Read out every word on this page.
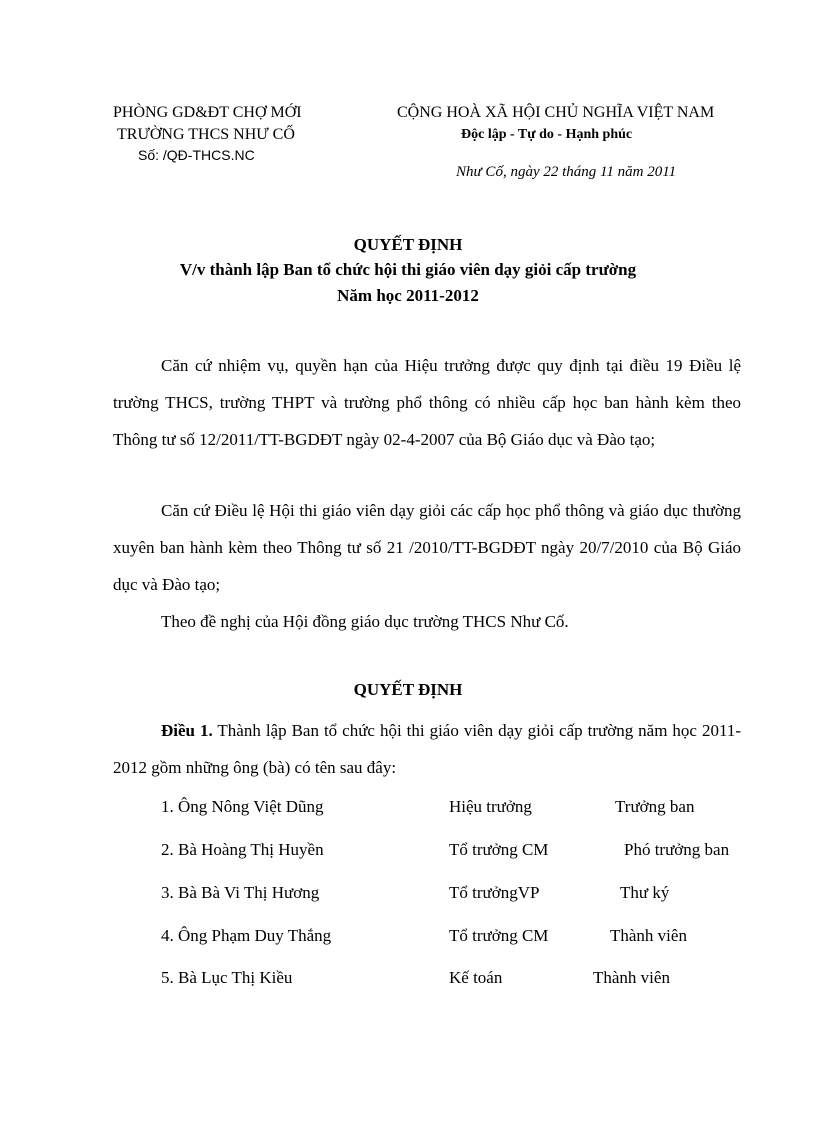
PHÒNG GD&ĐT CHỢ MỚI
TRƯỜNG THCS NHƯ CỐ
Số: /QĐ-THCS.NC
CỘNG HOÀ XÃ HỘI CHỦ NGHĨA VIỆT NAM
Độc lập - Tự do - Hạnh phúc
Như Cố, ngày 22 tháng 11 năm 2011
QUYẾT ĐỊNH
V/v thành lập Ban tổ chức hội thi giáo viên dạy giỏi cấp trường
Năm học 2011-2012
Căn cứ nhiệm vụ, quyền hạn của Hiệu trưởng được quy định tại điều 19 Điều lệ trường THCS, trường THPT và trường phổ thông có nhiều cấp học ban hành kèm theo Thông tư số 12/2011/TT-BGDĐT ngày 02-4-2007 của Bộ Giáo dục và Đào tạo;
Căn cứ Điều lệ Hội thi giáo viên dạy giỏi các cấp học phổ thông và giáo dục thường xuyên ban hành kèm theo Thông tư số 21 /2010/TT-BGDĐT ngày 20/7/2010 của Bộ Giáo dục và Đào tạo;
Theo đề nghị của Hội đồng giáo dục trường THCS Như Cố.
QUYẾT ĐỊNH
Điều 1. Thành lập Ban tổ chức hội thi giáo viên dạy giỏi cấp trường năm học 2011-2012 gồm những ông (bà) có tên sau đây:
1. Ông Nông Việt Dũng	Hiệu trưởng	Trưởng ban
2. Bà Hoàng Thị Huyền	Tổ trưởng CM	Phó trưởng ban
3. Bà Bà Vi Thị Hương	Tổ trưởngVP	Thư ký
4. Ông Phạm Duy Thắng	Tổ trưởng CM	Thành viên
5. Bà Lục Thị Kiều	Kế toán	Thành viên
